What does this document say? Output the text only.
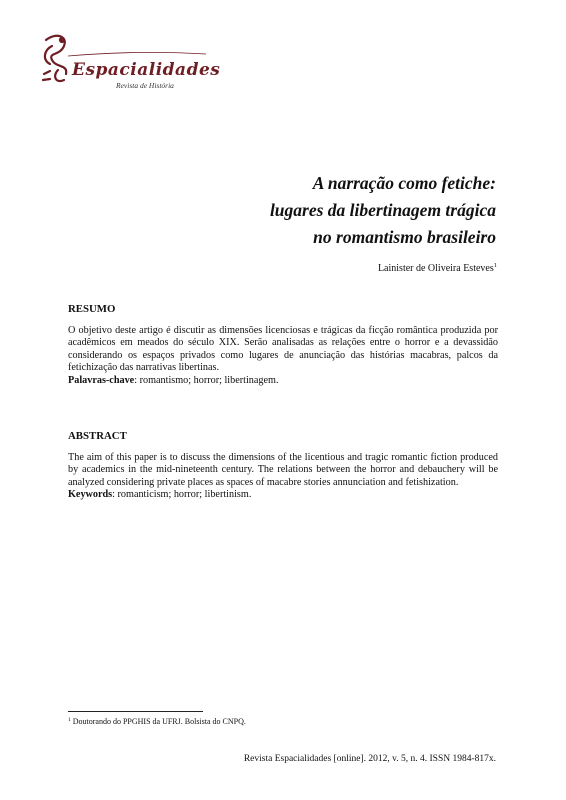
Espacialidades
Revista de História
A narração como fetiche:
lugares da libertinagem trágica
no romantismo brasileiro
Lainister de Oliveira Esteves$^1$
RESUMO

O objetivo deste artigo é discutir as dimensões licenciosas e trágicas da ficção romântica produzida por acadêmicos em meados do século XIX. Serão analisadas as relações entre o horror e a devassidão considerando os espaços privados como lugares de anunciação das histórias macabras, palcos da fetichização das narrativas libertinas.

Palavras-chave: romantismo; horror; libertinagem.

ABSTRACT

The aim of this paper is to discuss the dimensions of the licentious and tragic romantic fiction produced by academics in the mid-nineteenth century. The relations between the horror and debauchery will be analyzed considering private places as spaces of macabre stories annunciation and fetishization.

Keywords: romanticism; horror; libertinism.

$^1$ Doutorando do PPGHIS da UFRJ. Bolsista do CNPQ.
Revista Espacialidades [online]. 2012, v. 5, n. 4. ISSN 1984-817x.
